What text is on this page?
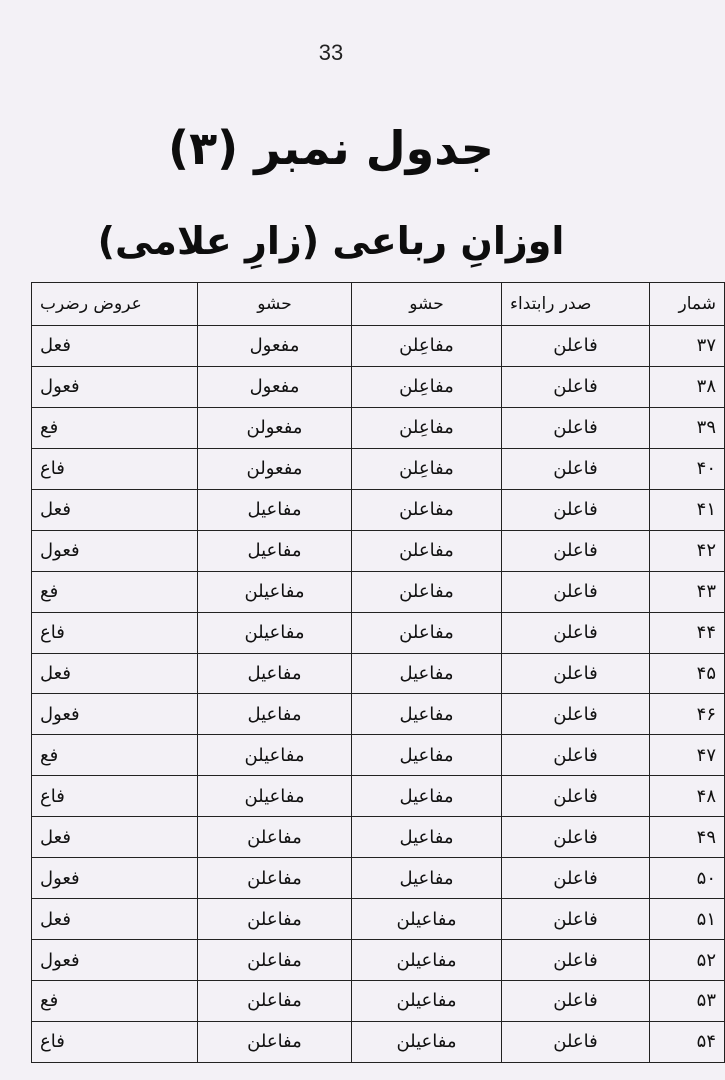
33
جدول نمبر (۳)
اوزانِ رباعی (زارِ علامی)
شمار	صدر رابتداء	حشو	حشو	عروض رضرب
۳۷	فاعلن	مفاعِلن	مفعول	فعل
۳۸	فاعلن	مفاعِلن	مفعول	فعول
۳۹	فاعلن	مفاعِلن	مفعولن	فع
۴۰	فاعلن	مفاعِلن	مفعولن	فاع
۴۱	فاعلن	مفاعلن	مفاعیل	فعل
۴۲	فاعلن	مفاعلن	مفاعیل	فعول
۴۳	فاعلن	مفاعلن	مفاعیلن	فع
۴۴	فاعلن	مفاعلن	مفاعیلن	فاع
۴۵	فاعلن	مفاعیل	مفاعیل	فعل
۴۶	فاعلن	مفاعیل	مفاعیل	فعول
۴۷	فاعلن	مفاعیل	مفاعیلن	فع
۴۸	فاعلن	مفاعیل	مفاعیلن	فاع
۴۹	فاعلن	مفاعیل	مفاعلن	فعل
۵۰	فاعلن	مفاعیل	مفاعلن	فعول
۵۱	فاعلن	مفاعیلن	مفاعلن	فعل
۵۲	فاعلن	مفاعیلن	مفاعلن	فعول
۵۳	فاعلن	مفاعیلن	مفاعلن	فع
۵۴	فاعلن	مفاعیلن	مفاعلن	فاع
